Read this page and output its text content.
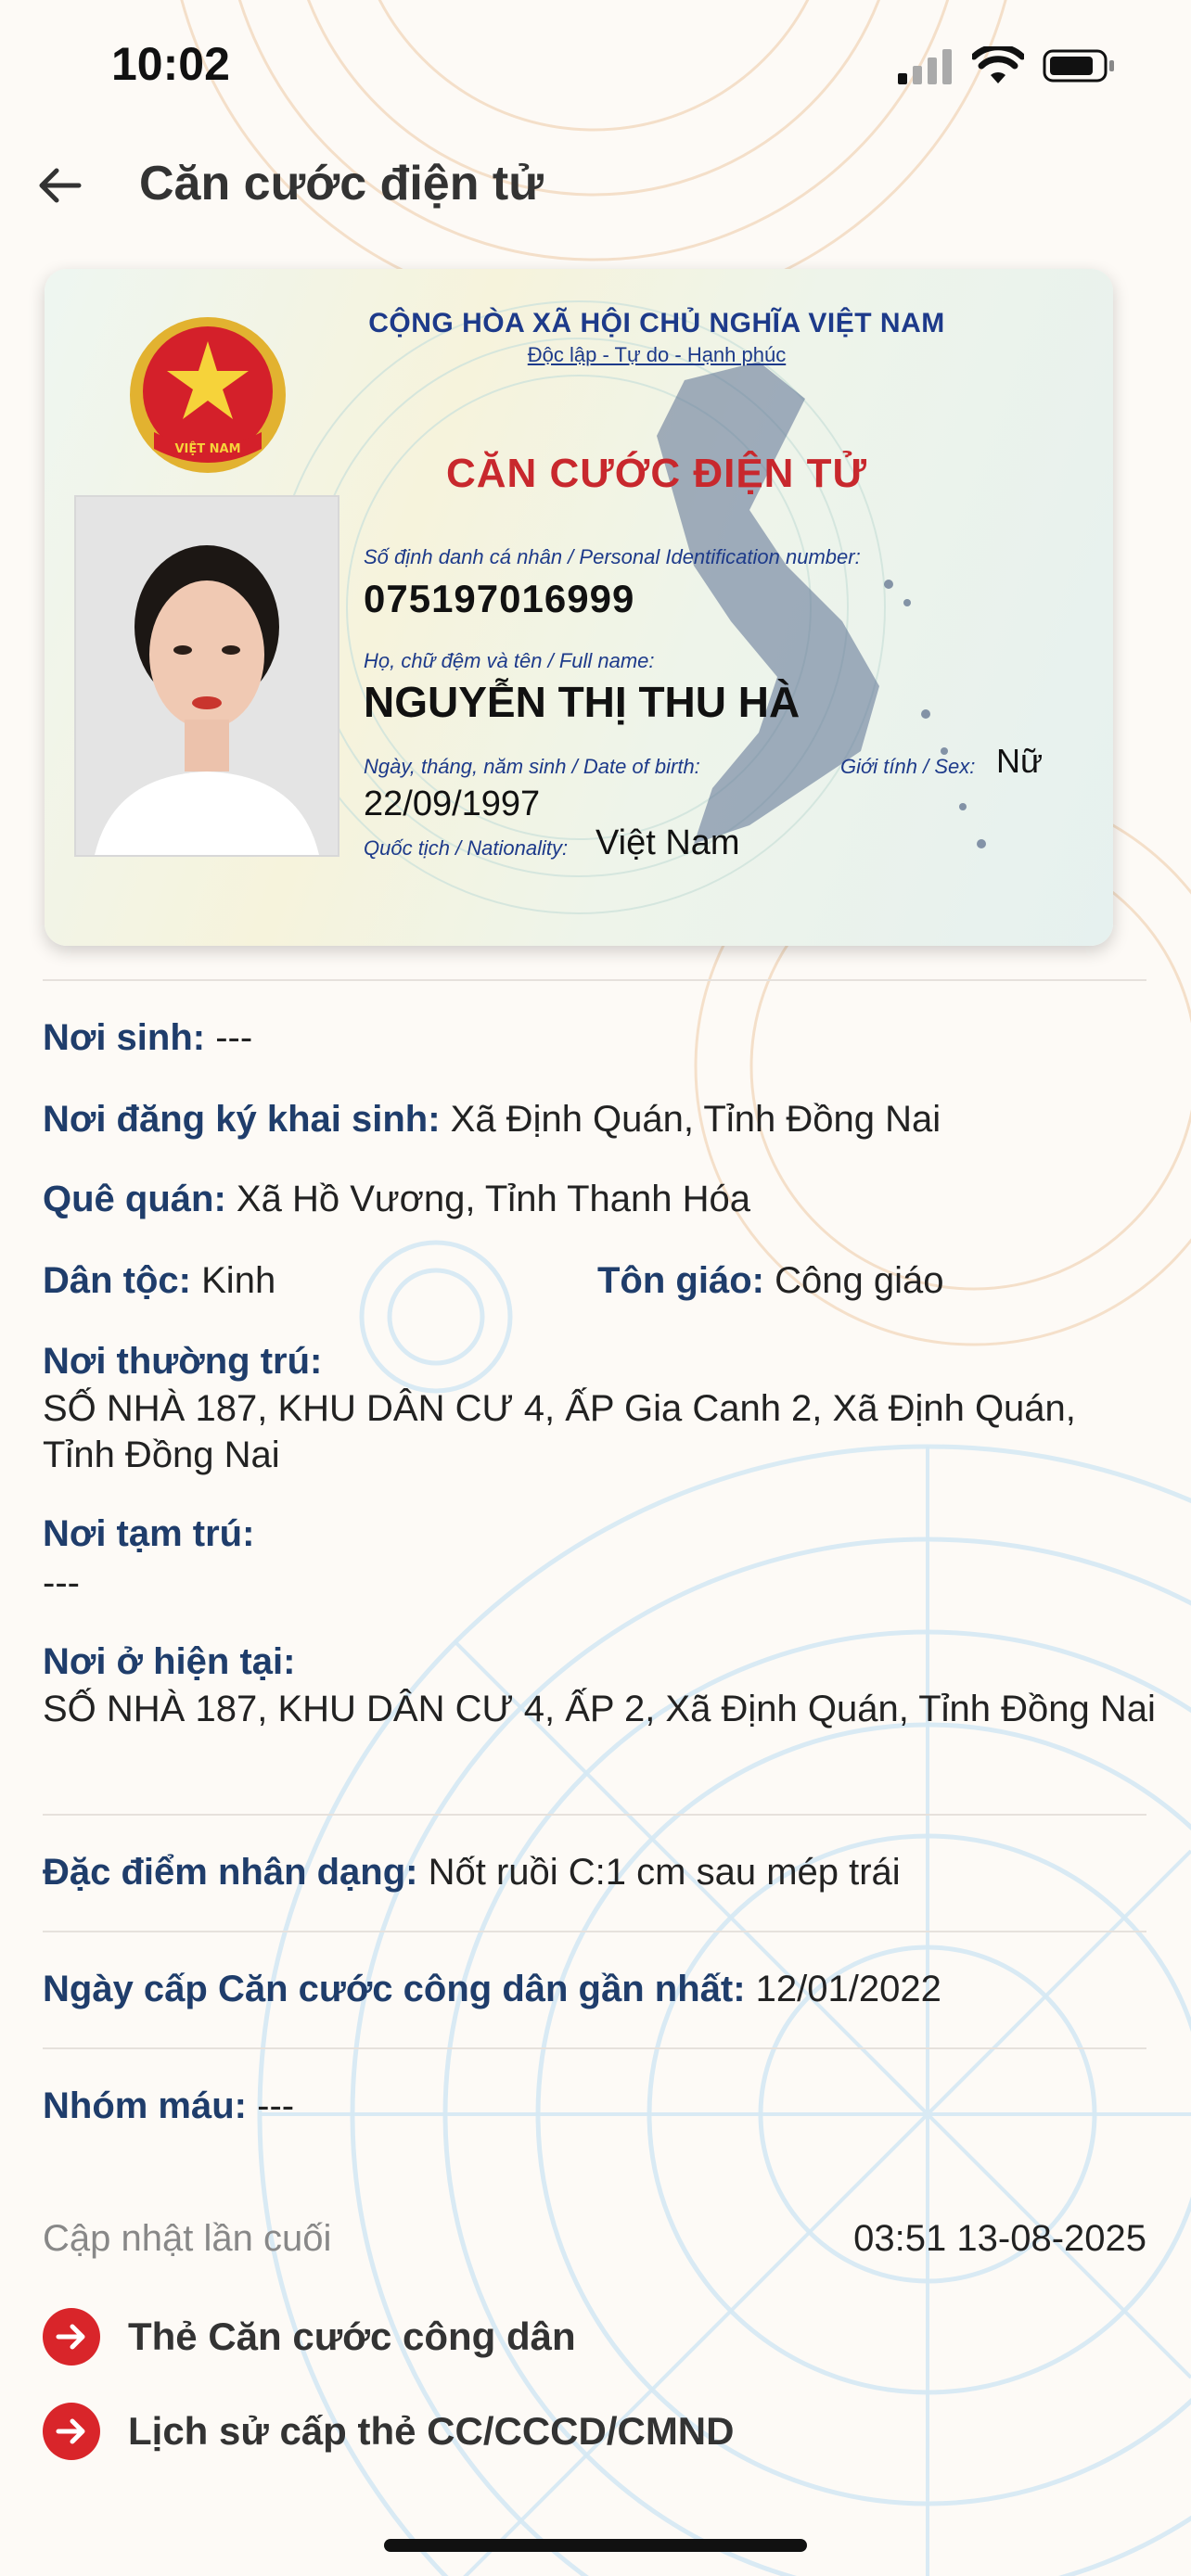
10:02
Căn cước điện tử
VIỆT NAM
CỘNG HÒA XÃ HỘI CHỦ NGHĨA VIỆT NAM
Độc lập - Tự do - Hạnh phúc
CĂN CƯỚC ĐIỆN TỬ
Số định danh cá nhân / Personal Identification number:
075197016999
Họ, chữ đệm và tên / Full name:
NGUYỄN THỊ THU HÀ
Ngày, tháng, năm sinh / Date of birth:
22/09/1997
Giới tính / Sex: Nữ
Quốc tịch / Nationality: Việt Nam
Nơi sinh: ---
Nơi đăng ký khai sinh: Xã Định Quán, Tỉnh Đồng Nai
Quê quán: Xã Hồ Vương, Tỉnh Thanh Hóa
Dân tộc: Kinh	Tôn giáo: Công giáo
Nơi thường trú:
SỐ NHÀ 187, KHU DÂN CƯ 4, ẤP Gia Canh 2, Xã Định Quán, Tỉnh Đồng Nai
Nơi tạm trú:
---
Nơi ở hiện tại:
SỐ NHÀ 187, KHU DÂN CƯ 4, ẤP 2, Xã Định Quán, Tỉnh Đồng Nai
Đặc điểm nhân dạng: Nốt ruồi C:1 cm sau mép trái
Ngày cấp Căn cước công dân gần nhất: 12/01/2022
Nhóm máu: ---
Cập nhật lần cuối	03:51 13-08-2025
Thẻ Căn cước công dân
Lịch sử cấp thẻ CC/CCCD/CMND
